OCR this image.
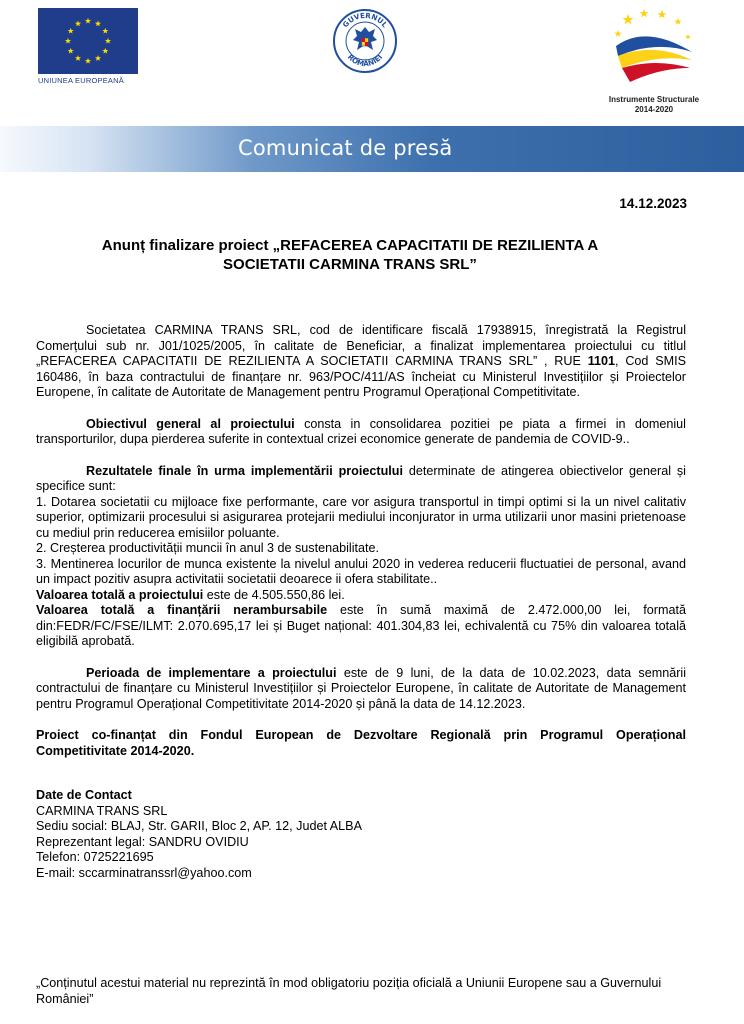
UNIUNEA EUROPEANĂ
GUVERNUL
ROMÂNIEI
Instrumente Structurale
2014-2020
Comunicat de presă
14.12.2023
Anunț finalizare proiect „REFACEREA CAPACITATII DE REZILIENTA A
SOCIETATII CARMINA TRANS SRL”

Societatea CARMINA TRANS SRL, cod de identificare fiscală 17938915, înregistrată la Registrul Comerțului sub nr. J01/1025/2005, în calitate de Beneficiar, a finalizat implementarea proiectului cu titlul „REFACEREA CAPACITATII DE REZILIENTA A SOCIETATII CARMINA TRANS SRL” , RUE 1101, Cod SMIS 160486, în baza contractului de finanțare nr. 963/POC/411/AS încheiat cu Ministerul Investițiilor și Proiectelor Europene, în calitate de Autoritate de Management pentru Programul Operațional Competitivitate.

Obiectivul general al proiectului consta in consolidarea pozitiei pe piata a firmei in domeniul transporturilor, dupa pierderea suferite in contextual crizei economice generate de pandemia de COVID-9..

Rezultatele finale în urma implementării proiectului determinate de atingerea obiectivelor general și specifice sunt:

1. Dotarea societatii cu mijloace fixe performante, care vor asigura transportul in timpi optimi si la un nivel calitativ superior, optimizarii procesului si asigurarea protejarii mediului inconjurator in urma utilizarii unor masini prietenoase cu mediul prin reducerea emisiilor poluante.

2. Creșterea productivității muncii în anul 3 de sustenabilitate.

3. Mentinerea locurilor de munca existente la nivelul anului 2020 in vederea reducerii fluctuatiei de personal, avand un impact pozitiv asupra activitatii societatii deoarece ii ofera stabilitate..

Valoarea totală a proiectului este de 4.505.550,86 lei.

Valoarea totală a finanțării nerambursabile este în sumă maximă de 2.472.000,00 lei, formată din:FEDR/FC/FSE/ILMT: 2.070.695,17 lei și Buget național: 401.304,83 lei, echivalentă cu 75% din valoarea totală eligibilă aprobată.

Perioada de implementare a proiectului este de 9 luni, de la data de 10.02.2023, data semnării contractului de finanțare cu Ministerul Investițiilor și Proiectelor Europene, în calitate de Autoritate de Management pentru Programul Operațional Competitivitate 2014-2020 și până la data de 14.12.2023.

Proiect co-finanțat din Fondul European de Dezvoltare Regională prin Programul Operațional Competitivitate 2014-2020.

Date de Contact

CARMINA TRANS SRL

Sediu social: BLAJ, Str. GARII, Bloc 2, AP. 12, Judet ALBA

Reprezentant legal: SANDRU OVIDIU

Telefon: 0725221695

E-mail: sccarminatranssrl@yahoo.com

„Conținutul acestui material nu reprezintă în mod obligatoriu poziția oficială a Uniunii Europene sau a Guvernului României”
